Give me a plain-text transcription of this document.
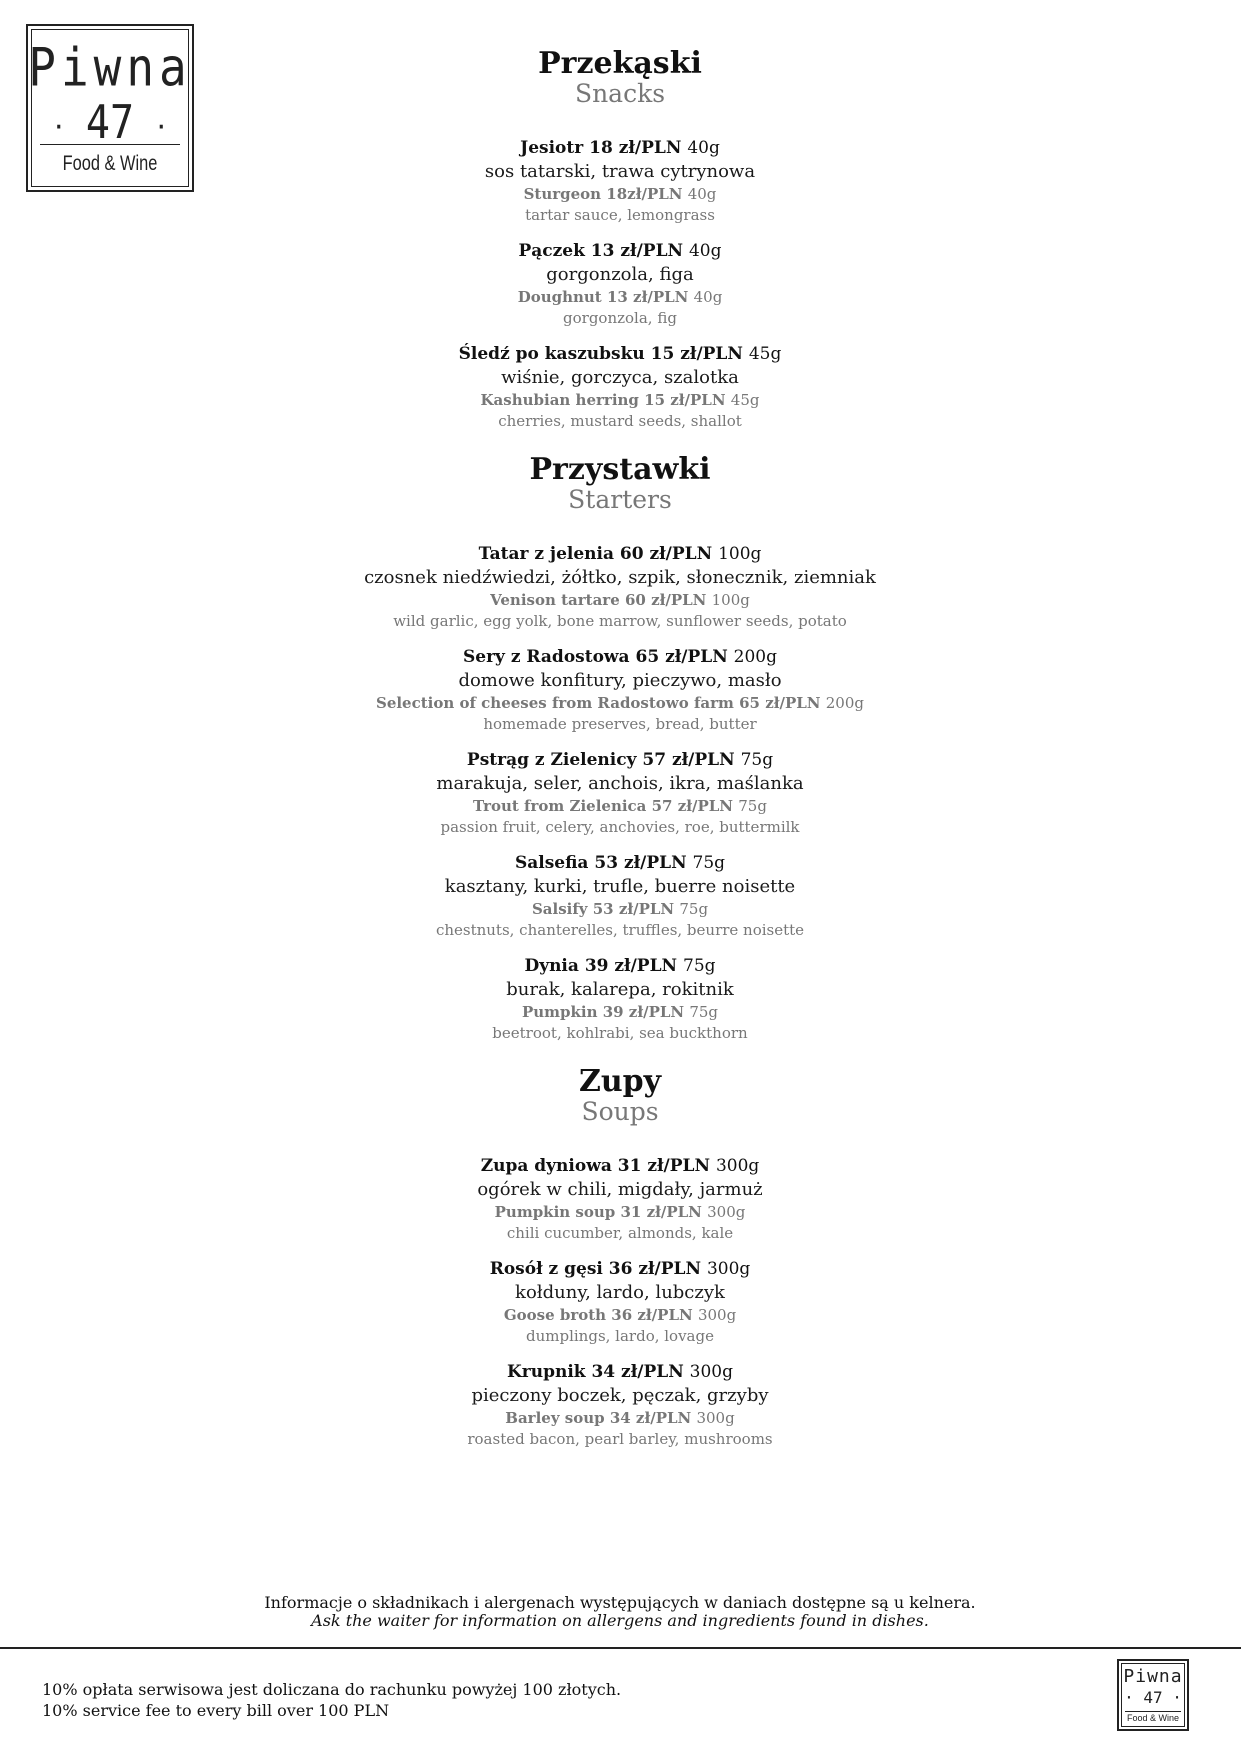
Piwna
· 47 ·
Food & Wine
Przekąski
Snacks
Jesiotr 18 zł/PLN 40g
sos tatarski, trawa cytrynowa
Sturgeon 18zł/PLN 40g
tartar sauce, lemongrass
Pączek 13 zł/PLN 40g
gorgonzola, figa
Doughnut 13 zł/PLN 40g
gorgonzola, fig
Śledź po kaszubsku 15 zł/PLN 45g
wiśnie, gorczyca, szalotka
Kashubian herring 15 zł/PLN 45g
cherries, mustard seeds, shallot
Przystawki
Starters
Tatar z jelenia 60 zł/PLN 100g
czosnek niedźwiedzi, żółtko, szpik, słonecznik, ziemniak
Venison tartare 60 zł/PLN 100g
wild garlic, egg yolk, bone marrow, sunflower seeds, potato
Sery z Radostowa 65 zł/PLN 200g
domowe konfitury, pieczywo, masło
Selection of cheeses from Radostowo farm 65 zł/PLN 200g
homemade preserves, bread, butter
Pstrąg z Zielenicy 57 zł/PLN 75g
marakuja, seler, anchois, ikra, maślanka
Trout from Zielenica 57 zł/PLN 75g
passion fruit, celery, anchovies, roe, buttermilk
Salsefia 53 zł/PLN 75g
kasztany, kurki, trufle, buerre noisette
Salsify 53 zł/PLN 75g
chestnuts, chanterelles, truffles, beurre noisette
Dynia 39 zł/PLN 75g
burak, kalarepa, rokitnik
Pumpkin 39 zł/PLN 75g
beetroot, kohlrabi, sea buckthorn
Zupy
Soups
Zupa dyniowa 31 zł/PLN 300g
ogórek w chili, migdały, jarmuż
Pumpkin soup 31 zł/PLN 300g
chili cucumber, almonds, kale
Rosół z gęsi 36 zł/PLN 300g
kołduny, lardo, lubczyk
Goose broth 36 zł/PLN 300g
dumplings, lardo, lovage
Krupnik 34 zł/PLN 300g
pieczony boczek, pęczak, grzyby
Barley soup 34 zł/PLN 300g
roasted bacon, pearl barley, mushrooms
Informacje o składnikach i alergenach występujących w daniach dostępne są u kelnera.
Ask the waiter for information on allergens and ingredients found in dishes.
10% opłata serwisowa jest doliczana do rachunku powyżej 100 złotych.
10% service fee to every bill over 100 PLN
Piwna
· 47 ·
Food & Wine
